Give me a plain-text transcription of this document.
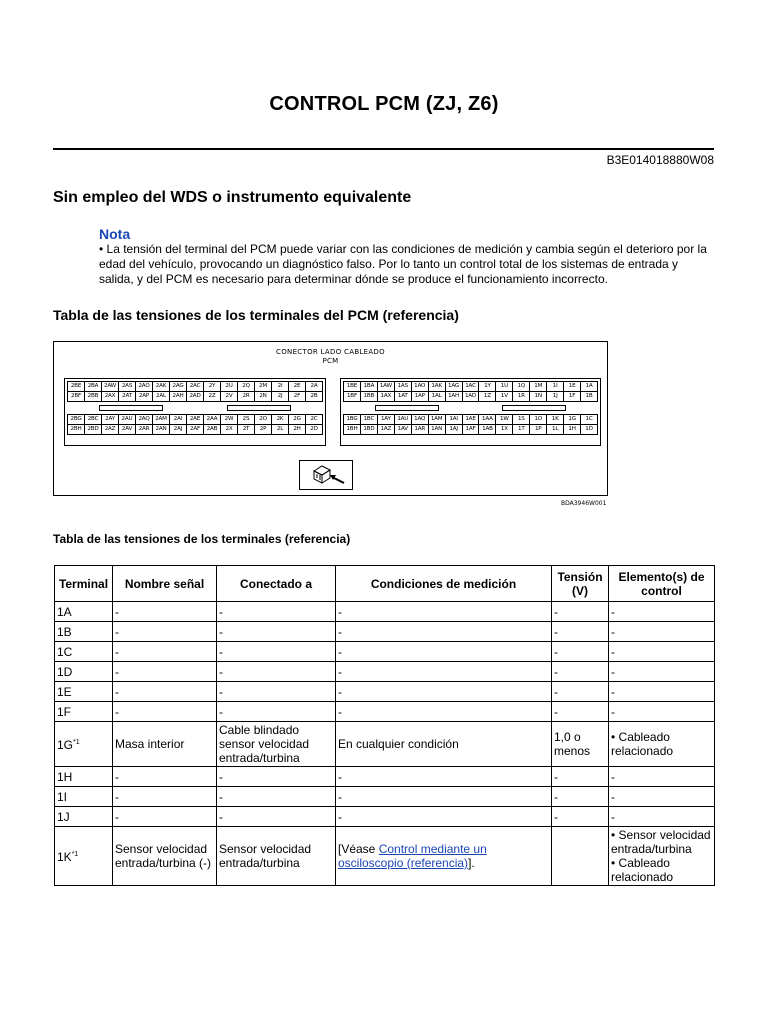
CONTROL PCM (ZJ, Z6)
B3E014018880W08
Sin empleo del WDS o instrumento equivalente
Nota
• La tensión del terminal del PCM puede variar con las condiciones de medición y cambia según el deterioro por la edad del vehículo, provocando un diagnóstico falso. Por lo tanto un control total de los sistemas de entrada y salida, y del PCM es necesario para determinar dónde se produce el funcionamiento incorrecto.
Tabla de las tensiones de los terminales del PCM (referencia)
CONECTOR LADO CABLEADO
PCM
2BE	2BA	2AW	2AS	2AO	2AK	2AG	2AC	2Y	2U	2Q	2M	2I	2E	2A
2BF	2BB	2AX	2AT	2AP	2AL	2AH	2AD	2Z	2V	2R	2N	2J	2F	2B
2BG	2BC	2AY	2AU	2AQ	2AM	2AI	2AE	2AA	2W	2S	2O	2K	2G	2C
2BH	2BD	2AZ	2AV	2AR	2AN	2AJ	2AF	2AB	2X	2T	2P	2L	2H	2D
1BE	1BA	1AW	1AS	1AO	1AK	1AG	1AC	1Y	1U	1Q	1M	1I	1E	1A
1BF	1BB	1AX	1AT	1AP	1AL	1AH	1AD	1Z	1V	1R	1N	1J	1F	1B
1BG	1BC	1AY	1AU	1AQ 1AM	1AI	1AE	1AA	1W	1S	1O	1K	1G	1C
1BH	1BD	1AZ	1AV	1AR	1AN	1AJ	1AF	1AB	1X	1T	1P	1L	1H	1D
BDA3946W001
Tabla de las tensiones de los terminales (referencia)
Terminal	Nombre señal	Conectado a	Condiciones de medición	Tensión (V)	Elemento(s) de control
1A	-	-	-	-	-
1B	-	-	-	-	-
1C	-	-	-	-	-
1D	-	-	-	-	-
1E	-	-	-	-	-
1F	-	-	-	-	-
$1G^{*1}$	Masa interior	Cable blindado sensor velocidad entrada/turbina	En cualquier condición	1,0 o menos	• Cableado relacionado
1H	-	-	-	-	-
1I	-	-	-	-	-
1J	-	-	-	-	-
$1K^{*1}$	Sensor velocidad entrada/turbina (-)	Sensor velocidad entrada/turbina	[Véase Control mediante un osciloscopio (referencia)].		• Sensor velocidad entrada/turbina
• Cableado relacionado
